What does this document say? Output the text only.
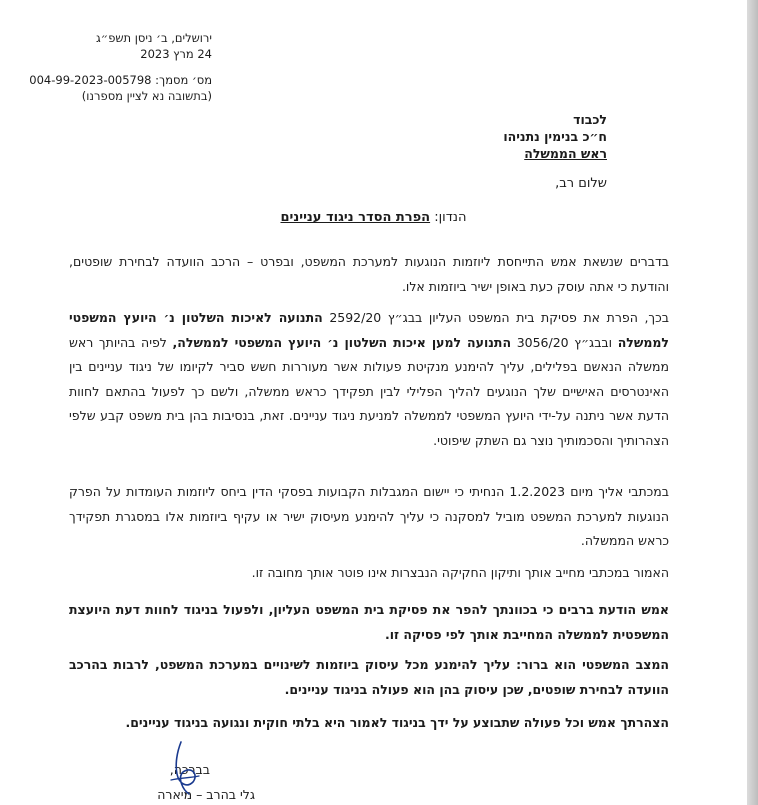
ירושלים, ב׳ ניסן תשפ״ג
24 מרץ 2023
מס׳ מסמך: 004-99-2023-005798
(בתשובה נא לציין מספרנו)
לכבוד
ח״כ בנימין נתניהו
ראש הממשלה
שלום רב,
הנדון: הפרת הסדר ניגוד עניינים
בדברים שנשאת אמש התייחסת ליוזמות הנוגעות למערכת המשפט, ובפרט – הרכב הוועדה לבחירת שופטים, והודעת כי אתה עוסק כעת באופן ישיר ביוזמות אלו.
בכך, הפרת את פסיקת בית המשפט העליון בבג״ץ 2592/20 התנועה לאיכות השלטון נ׳ היועץ המשפטי לממשלה ובבג״ץ 3056/20 התנועה למען איכות השלטון נ׳ היועץ המשפטי לממשלה, לפיה בהיותך ראש ממשלה הנאשם בפלילים, עליך להימנע מנקיטת פעולות אשר מעוררות חשש סביר לקיומו של ניגוד עניינים בין האינטרסים האישיים שלך הנוגעים להליך הפלילי לבין תפקידך כראש ממשלה, ולשם כך לפעול בהתאם לחוות הדעת אשר ניתנה על-ידי היועץ המשפטי לממשלה למניעת ניגוד עניינים. זאת, בנסיבות בהן בית משפט קבע שלפי הצהרותיך והסכמותיך נוצר גם השתק שיפוטי.
במכתבי אליך מיום 1.2.2023 הנחיתי כי יישום המגבלות הקבועות בפסקי הדין ביחס ליוזמות העומדות על הפרק הנוגעות למערכת המשפט מוביל למסקנה כי עליך להימנע מעיסוק ישיר או עקיף ביוזמות אלו במסגרת תפקידך כראש הממשלה.
האמור במכתבי מחייב אותך ותיקון החקיקה הנבצרות אינו פוטר אותך מחובה זו.
אמש הודעת ברבים כי בכוונתך להפר את פסיקת בית המשפט העליון, ולפעול בניגוד לחוות דעת היועצת המשפטית לממשלה המחייבת אותך לפי פסיקה זו.
המצב המשפטי הוא ברור: עליך להימנע מכל עיסוק ביוזמות לשינויים במערכת המשפט, לרבות בהרכב הוועדה לבחירת שופטים, שכן עיסוק בהן הוא פעולה בניגוד עניינים.
הצהרתך אמש וכל פעולה שתבוצע על ידך בניגוד לאמור היא בלתי חוקית ונגועה בניגוד עניינים.
בברכה,
גלי בהרב – מיארה
